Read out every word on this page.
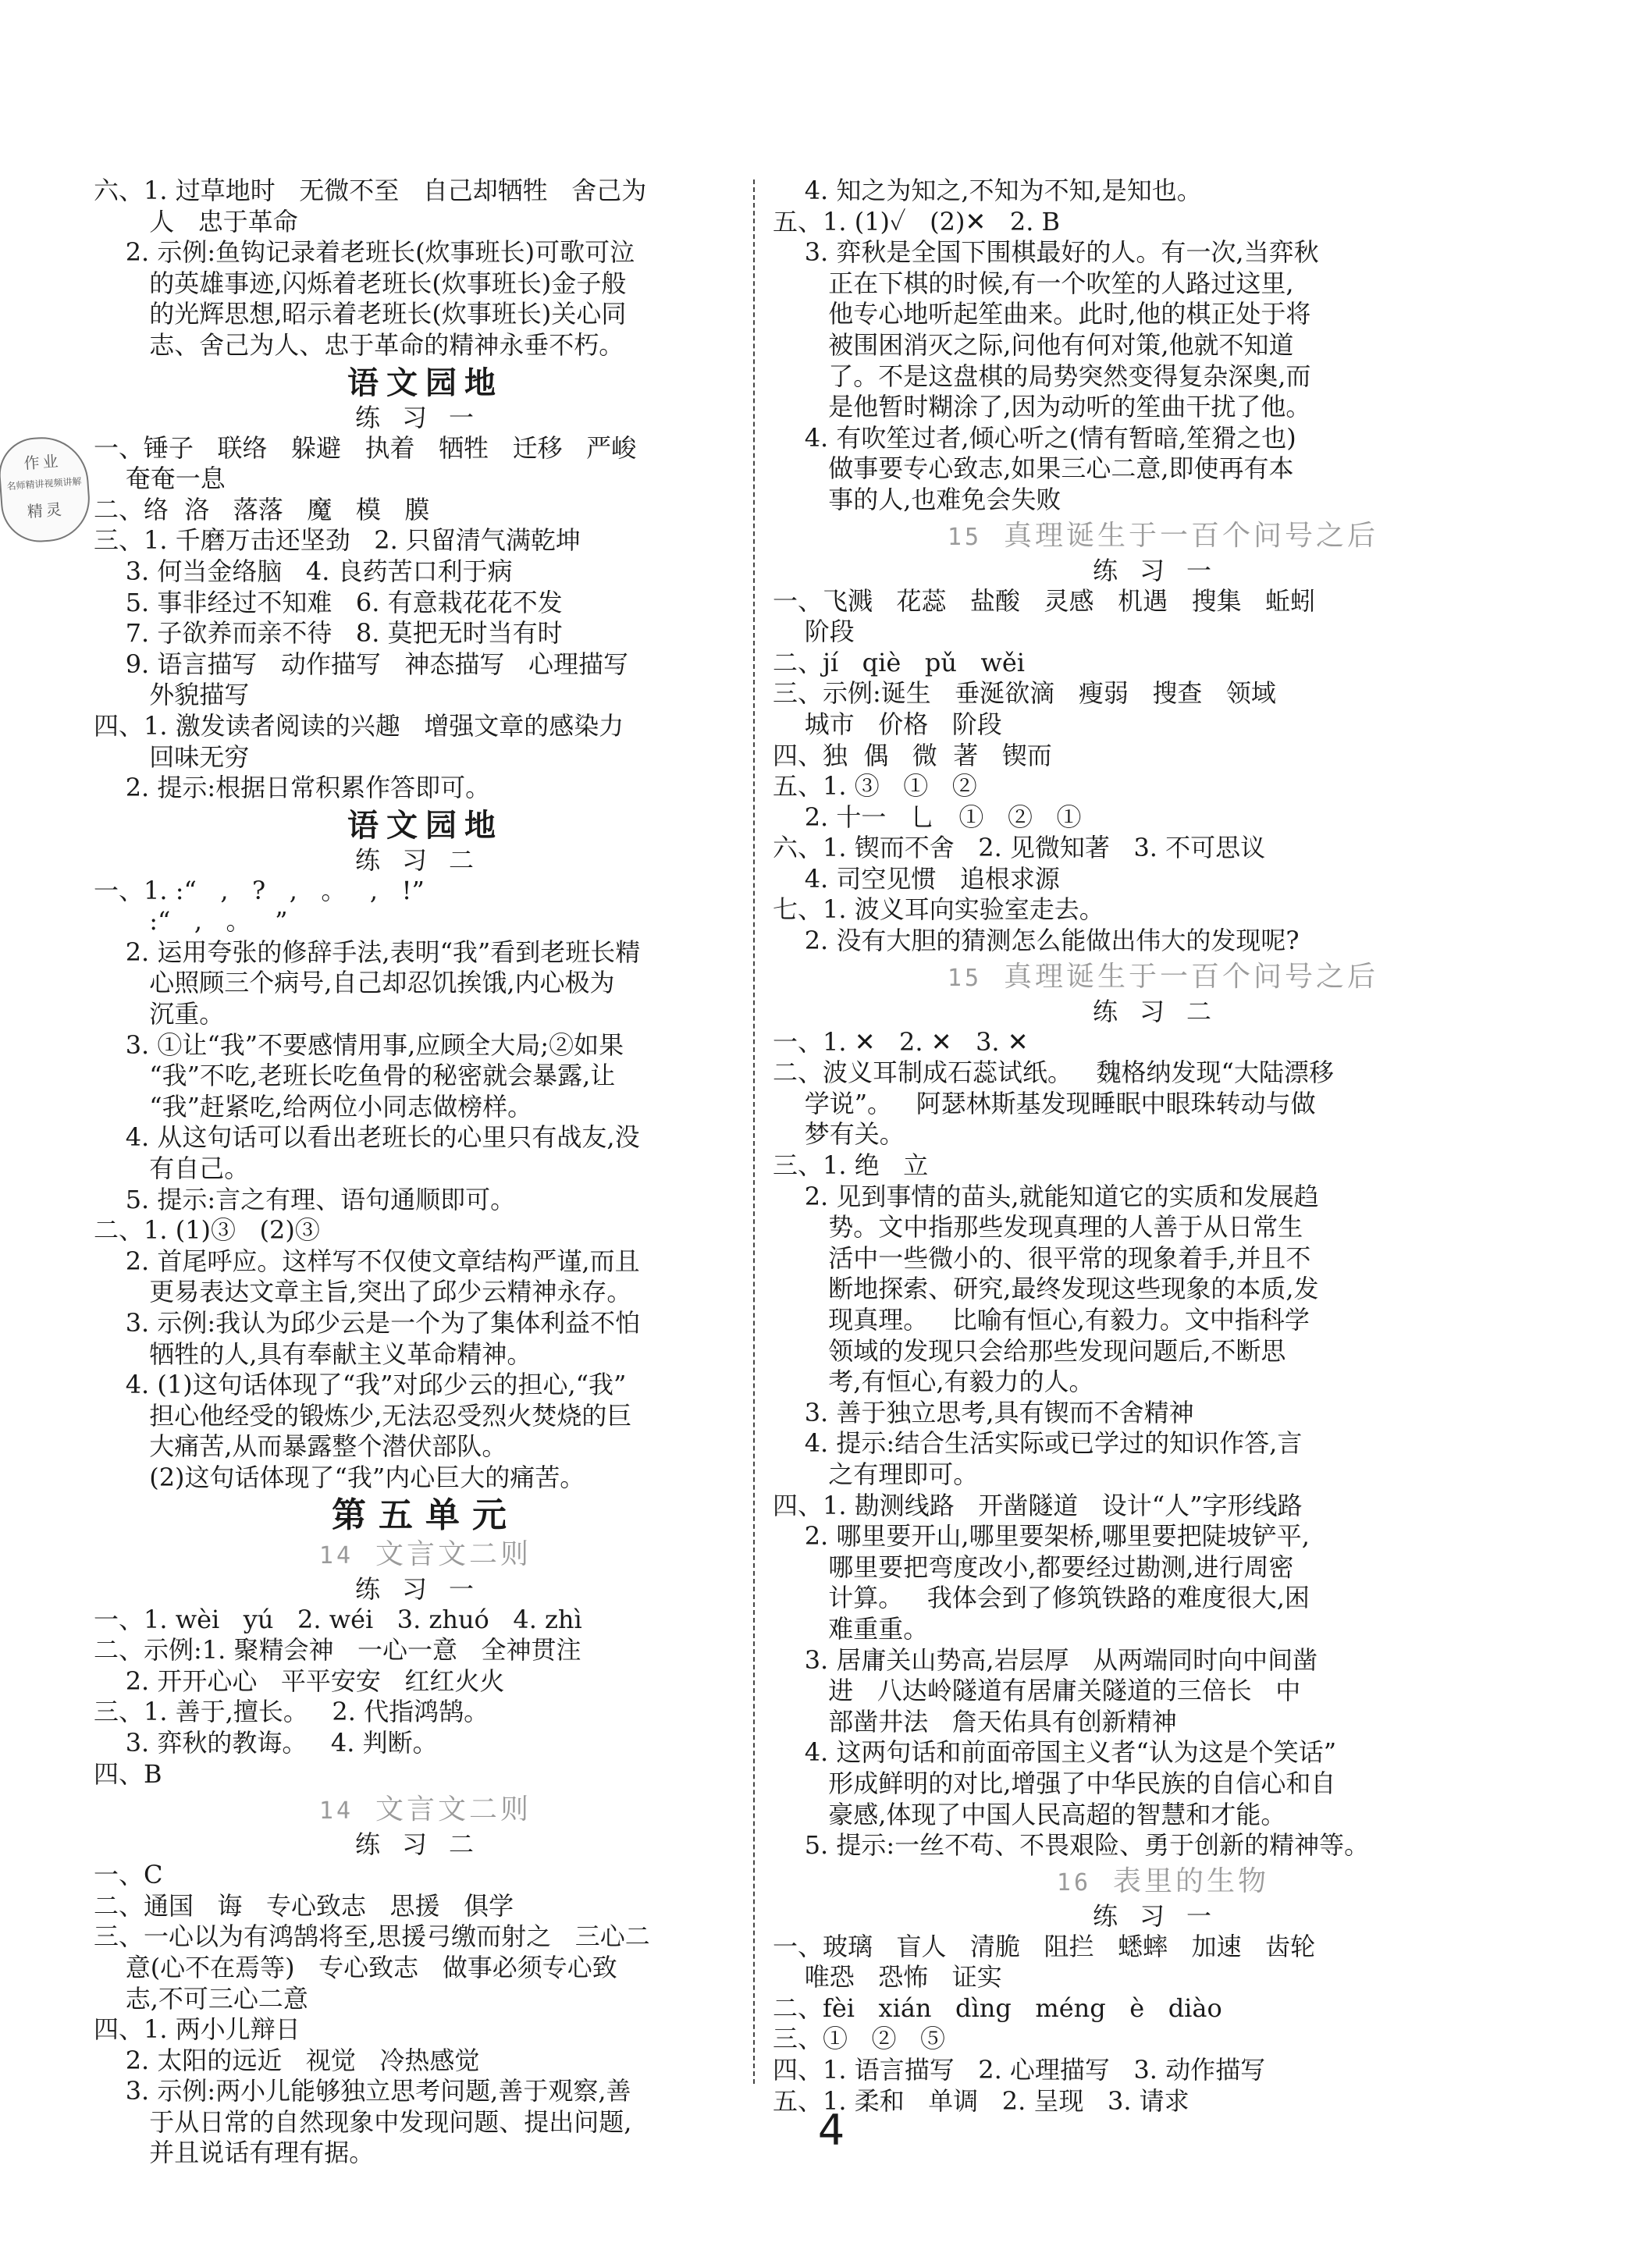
六、1. 过草地时   无微不至   自己却牺牲   舍己为
人   忠于革命
2. 示例:鱼钩记录着老班长(炊事班长)可歌可泣
的英雄事迹,闪烁着老班长(炊事班长)金子般
的光辉思想,昭示着老班长(炊事班长)关心同
志、舍己为人、忠于革命的精神永垂不朽。
语文园地
练习一
一、锤子   联络   躲避   执着   牺牲   迁移   严峻
奄奄一息
二、络  洛   落落   魔   模   膜
三、1. 千磨万击还坚劲   2. 只留清气满乾坤
3. 何当金络脑   4. 良药苦口利于病
5. 事非经过不知难   6. 有意栽花花不发
7. 子欲养而亲不待   8. 莫把无时当有时
9. 语言描写   动作描写   神态描写   心理描写
外貌描写
四、1. 激发读者阅读的兴趣   增强文章的感染力
回味无穷
2. 提示:根据日常积累作答即可。
语文园地
练习二
一、1. :“   ,   ?   ,   。   ,   !”
:“   ,   。   ”
2. 运用夸张的修辞手法,表明“我”看到老班长精
心照顾三个病号,自己却忍饥挨饿,内心极为
沉重。
3. ①让“我”不要感情用事,应顾全大局;②如果
“我”不吃,老班长吃鱼骨的秘密就会暴露,让
“我”赶紧吃,给两位小同志做榜样。
4. 从这句话可以看出老班长的心里只有战友,没
有自己。
5. 提示:言之有理、语句通顺即可。
二、1. (1)③   (2)③
2. 首尾呼应。这样写不仅使文章结构严谨,而且
更易表达文章主旨,突出了邱少云精神永存。
3. 示例:我认为邱少云是一个为了集体利益不怕
牺牲的人,具有奉献主义革命精神。
4. (1)这句话体现了“我”对邱少云的担心,“我”
担心他经受的锻炼少,无法忍受烈火焚烧的巨
大痛苦,从而暴露整个潜伏部队。
(2)这句话体现了“我”内心巨大的痛苦。
第五单元
14 文言文二则
练习一
一、1. wèi   yú   2. wéi   3. zhuó   4. zhì
二、示例:1. 聚精会神   一心一意   全神贯注
2. 开开心心   平平安安   红红火火
三、1. 善于,擅长。   2. 代指鸿鹄。
3. 弈秋的教诲。   4. 判断。
四、B
14 文言文二则
练习二
一、C
二、通国   诲   专心致志   思援   俱学
三、一心以为有鸿鹄将至,思援弓缴而射之   三心二
意(心不在焉等)   专心致志   做事必须专心致
志,不可三心二意
四、1. 两小儿辩日
2. 太阳的远近   视觉   冷热感觉
3. 示例:两小儿能够独立思考问题,善于观察,善
于从日常的自然现象中发现问题、提出问题,
并且说话有理有据。
4. 知之为知之,不知为不知,是知也。
五、1. (1)✓   (2)✕   2. B
3. 弈秋是全国下围棋最好的人。有一次,当弈秋
正在下棋的时候,有一个吹笙的人路过这里,
他专心地听起笙曲来。此时,他的棋正处于将
被围困消灭之际,问他有何对策,他就不知道
了。不是这盘棋的局势突然变得复杂深奥,而
是他暂时糊涂了,因为动听的笙曲干扰了他。
4. 有吹笙过者,倾心听之(情有暂暗,笙猾之也)
做事要专心致志,如果三心二意,即使再有本
事的人,也难免会失败
15 真理诞生于一百个问号之后
练习一
一、飞溅   花蕊   盐酸   灵感   机遇   搜集   蚯蚓
阶段
二、jí   qiè   pǔ   wěi
三、示例:诞生   垂涎欲滴   瘦弱   搜查   领域
城市   价格   阶段
四、独  偶   微  著   锲而
五、1. ③   ①   ②
2. 十一   乚   ①   ②   ①
六、1. 锲而不舍   2. 见微知著   3. 不可思议
4. 司空见惯   追根求源
七、1. 波义耳向实验室走去。
2. 没有大胆的猜测怎么能做出伟大的发现呢?
15 真理诞生于一百个问号之后
练习二
一、1. ✕   2. ✕   3. ✕
二、波义耳制成石蕊试纸。   魏格纳发现“大陆漂移
学说”。   阿瑟林斯基发现睡眠中眼珠转动与做
梦有关。
三、1. 绝   立
2. 见到事情的苗头,就能知道它的实质和发展趋
势。文中指那些发现真理的人善于从日常生
活中一些微小的、很平常的现象着手,并且不
断地探索、研究,最终发现这些现象的本质,发
现真理。   比喻有恒心,有毅力。文中指科学
领域的发现只会给那些发现问题后,不断思
考,有恒心,有毅力的人。
3. 善于独立思考,具有锲而不舍精神
4. 提示:结合生活实际或已学过的知识作答,言
之有理即可。
四、1. 勘测线路   开凿隧道   设计“人”字形线路
2. 哪里要开山,哪里要架桥,哪里要把陡坡铲平,
哪里要把弯度改小,都要经过勘测,进行周密
计算。   我体会到了修筑铁路的难度很大,困
难重重。
3. 居庸关山势高,岩层厚   从两端同时向中间凿
进   八达岭隧道有居庸关隧道的三倍长   中
部凿井法   詹天佑具有创新精神
4. 这两句话和前面帝国主义者“认为这是个笑话”
形成鲜明的对比,增强了中华民族的自信心和自
豪感,体现了中国人民高超的智慧和才能。
5. 提示:一丝不苟、不畏艰险、勇于创新的精神等。
16 表里的生物
练习一
一、玻璃   盲人   清脆   阻拦   蟋蟀   加速   齿轮
唯恐   恐怖   证实
二、fèi   xián   dìng   méng   è   diào
三、①   ②   ⑤
四、1. 语言描写   2. 心理描写   3. 动作描写
五、1. 柔和   单调   2. 呈现   3. 请求
作业
名师精讲视频讲解
精灵
4
